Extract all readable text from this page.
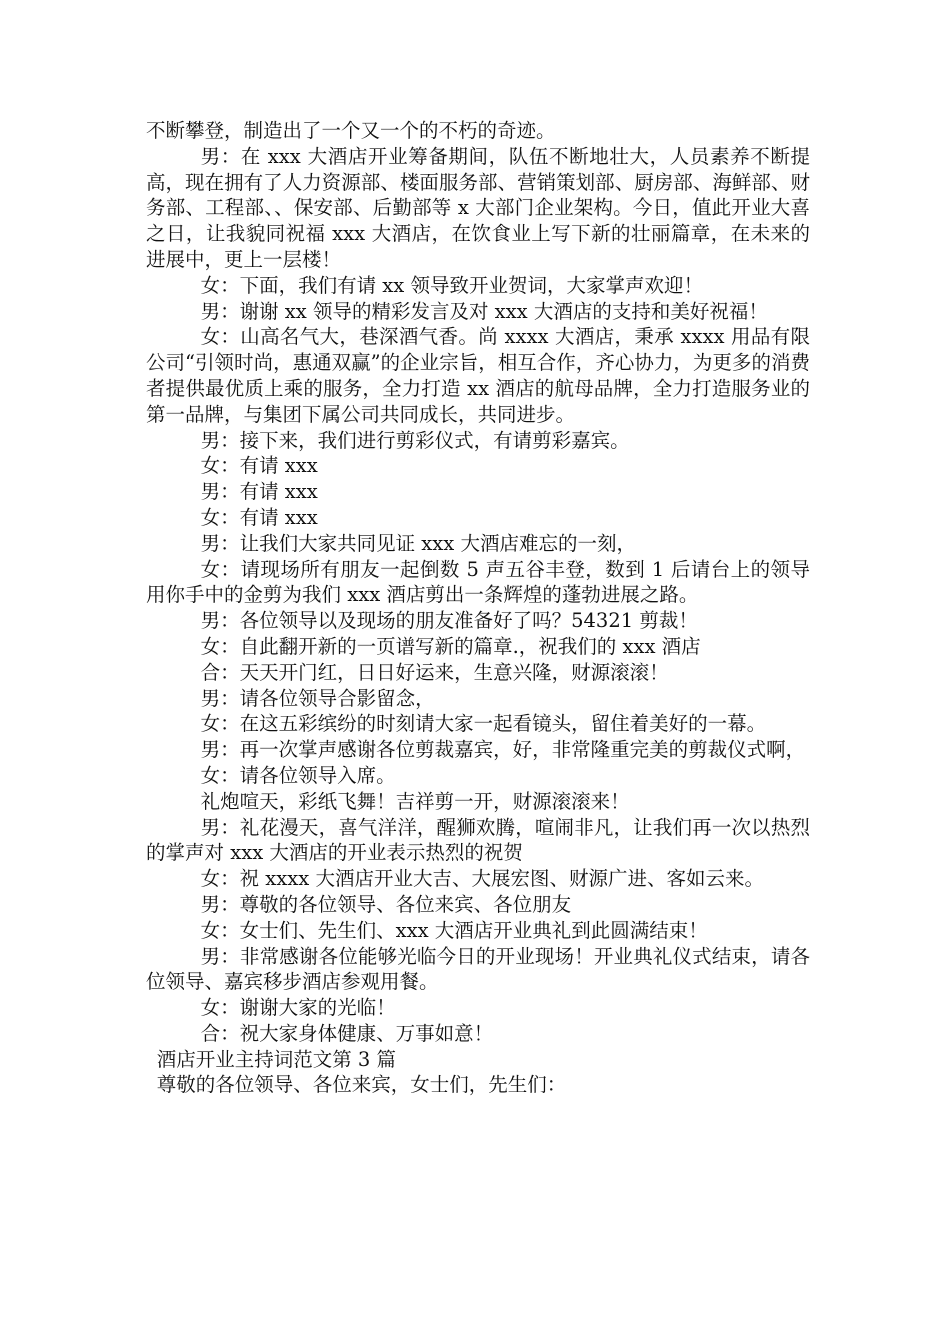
不断攀登，制造出了一个又一个的不朽的奇迹。

男：在 xxx 大酒店开业筹备期间，队伍不断地壮大，人员素养不断提高，现在拥有了人力资源部、楼面服务部、营销策划部、厨房部、海鲜部、财务部、工程部、、保安部、后勤部等 x 大部门企业架构。今日，值此开业大喜之日，让我貌同祝福 xxx 大酒店，在饮食业上写下新的壮丽篇章，在未来的进展中，更上一层楼！

女：下面，我们有请 xx 领导致开业贺词，大家掌声欢迎！

男：谢谢 xx 领导的精彩发言及对 xxx 大酒店的支持和美好祝福！

女：山高名气大，巷深酒气香。尚 xxxx 大酒店，秉承 xxxx 用品有限公司“引领时尚，惠通双赢”的企业宗旨，相互合作，齐心协力，为更多的消费者提供最优质上乘的服务，全力打造 xx 酒店的航母品牌，全力打造服务业的第一品牌，与集团下属公司共同成长，共同进步。

男：接下来，我们进行剪彩仪式，有请剪彩嘉宾。

女：有请 xxx

男：有请 xxx

女：有请 xxx

男：让我们大家共同见证 xxx 大酒店难忘的一刻，

女：请现场所有朋友一起倒数 5 声五谷丰登，数到 1 后请台上的领导用你手中的金剪为我们 xxx 酒店剪出一条辉煌的蓬勃进展之路。

男：各位领导以及现场的朋友准备好了吗？54321 剪裁！

女：自此翻开新的一页谱写新的篇章.，祝我们的 xxx 酒店

合：天天开门红，日日好运来，生意兴隆，财源滚滚！

男：请各位领导合影留念，

女：在这五彩缤纷的时刻请大家一起看镜头，留住着美好的一幕。

男：再一次掌声感谢各位剪裁嘉宾，好，非常隆重完美的剪裁仪式啊，

女：请各位领导入席。

礼炮喧天，彩纸飞舞！吉祥剪一开，财源滚滚来！

男：礼花漫天，喜气洋洋，醒狮欢腾，喧闹非凡，让我们再一次以热烈的掌声对 xxx 大酒店的开业表示热烈的祝贺

女：祝 xxxx 大酒店开业大吉、大展宏图、财源广进、客如云来。

男：尊敬的各位领导、各位来宾、各位朋友

女：女士们、先生们、xxx 大酒店开业典礼到此圆满结束！

男：非常感谢各位能够光临今日的开业现场！开业典礼仪式结束，请各位领导、嘉宾移步酒店参观用餐。

女：谢谢大家的光临！

合：祝大家身体健康、万事如意！

酒店开业主持词范文第 3 篇

尊敬的各位领导、各位来宾，女士们，先生们：
